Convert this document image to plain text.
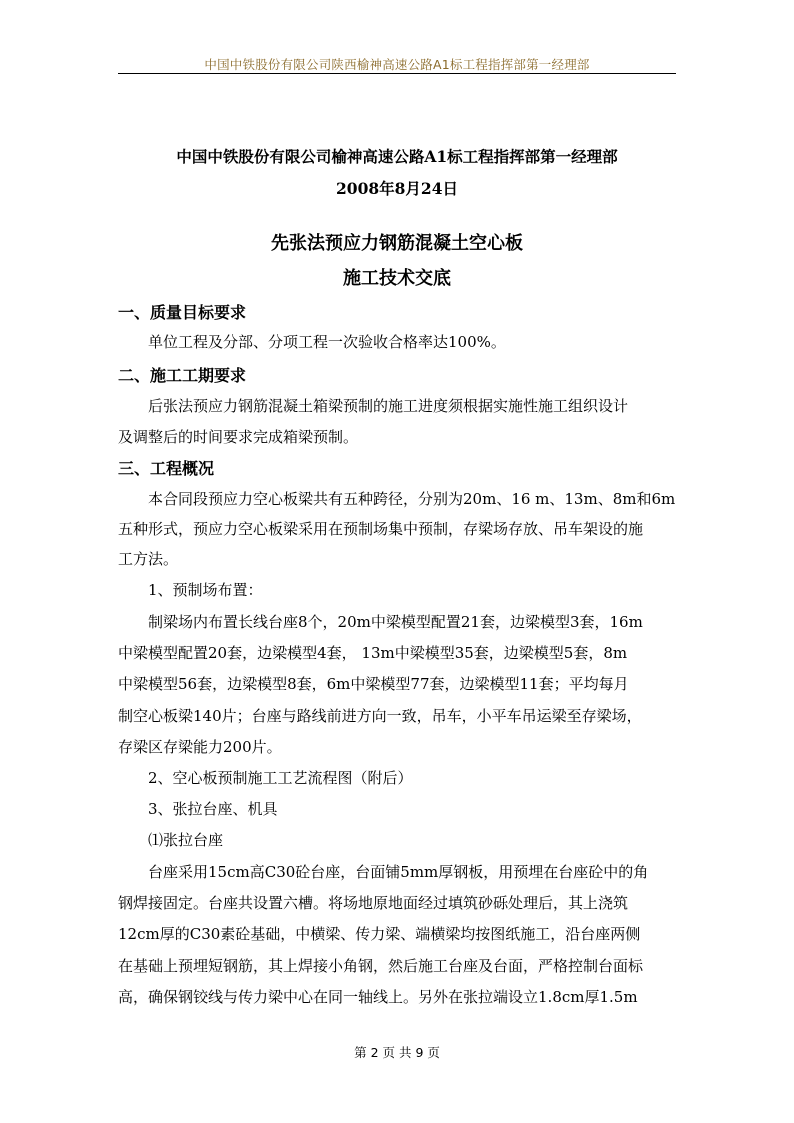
中国中铁股份有限公司陕西榆神高速公路A1标工程指挥部第一经理部
中国中铁股份有限公司榆神高速公路A1标工程指挥部第一经理部
2008年8月24日
先张法预应力钢筋混凝土空心板
施工技术交底
一、质量目标要求
单位工程及分部、分项工程一次验收合格率达100%。
二、施工工期要求
后张法预应力钢筋混凝土箱梁预制的施工进度须根据实施性施工组织设计
及调整后的时间要求完成箱梁预制。
三、工程概况
本合同段预应力空心板梁共有五种跨径，分别为20m、16 m、13m、8m和6m
五种形式，预应力空心板梁采用在预制场集中预制，存梁场存放、吊车架设的施
工方法。
1、预制场布置：
制梁场内布置长线台座8个，20m中梁模型配置21套，边梁模型3套，16m
中梁模型配置20套，边梁模型4套， 13m中梁模型35套，边梁模型5套，8m
中梁模型56套，边梁模型8套，6m中梁模型77套，边梁模型11套；平均每月
制空心板梁140片；台座与路线前进方向一致，吊车，小平车吊运梁至存梁场，
存梁区存梁能力200片。
2、空心板预制施工工艺流程图（附后）
3、张拉台座、机具
⑴张拉台座
台座采用15cm高C30砼台座，台面铺5mm厚钢板，用预埋在台座砼中的角
钢焊接固定。台座共设置六槽。将场地原地面经过填筑砂砾处理后，其上浇筑
12cm厚的C30素砼基础，中横梁、传力梁、端横梁均按图纸施工，沿台座两侧
在基础上预埋短钢筋，其上焊接小角钢，然后施工台座及台面，严格控制台面标
高，确保钢铰线与传力梁中心在同一轴线上。另外在张拉端设立1.8cm厚1.5m
第 2 页 共 9 页
